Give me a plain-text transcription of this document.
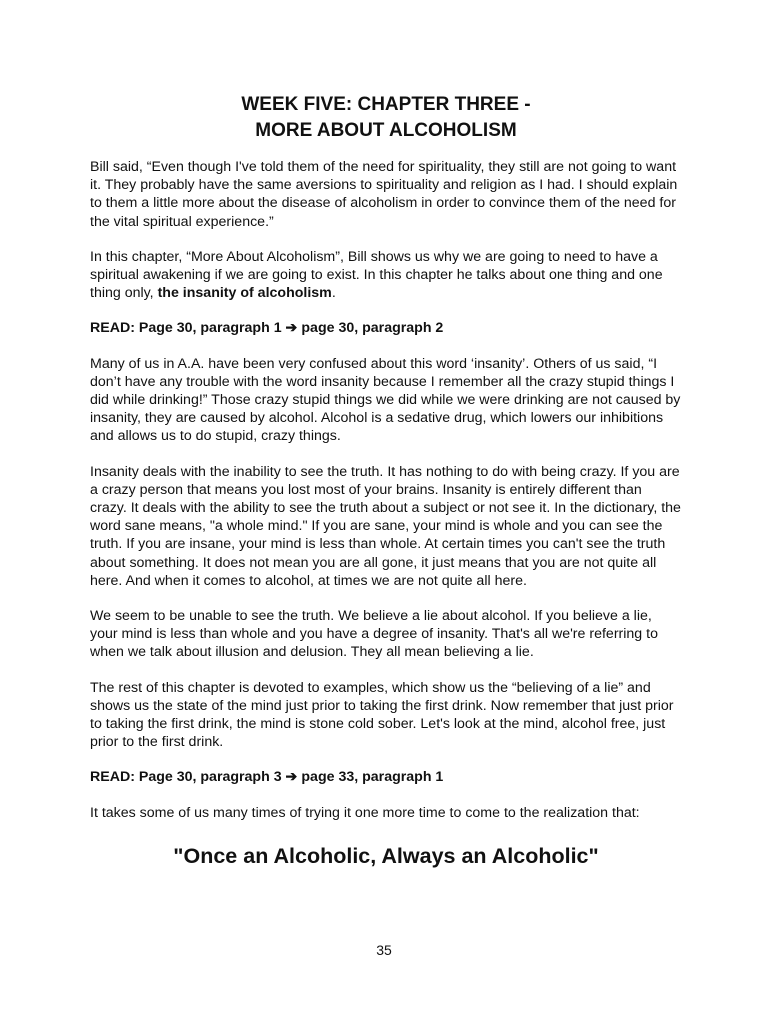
WEEK FIVE: CHAPTER THREE -
MORE ABOUT ALCOHOLISM

Bill said, “Even though I've told them of the need for spirituality, they still are not going to want it. They probably have the same aversions to spirituality and religion as I had. I should explain to them a little more about the disease of alcoholism in order to convince them of the need for the vital spiritual experience.”

In this chapter, “More About Alcoholism”, Bill shows us why we are going to need to have a spiritual awakening if we are going to exist. In this chapter he talks about one thing and one thing only, the insanity of alcoholism.

READ: Page 30, paragraph 1 ➔ page 30, paragraph 2

Many of us in A.A. have been very confused about this word ‘insanity’. Others of us said, “I don’t have any trouble with the word insanity because I remember all the crazy stupid things I did while drinking!” Those crazy stupid things we did while we were drinking are not caused by insanity, they are caused by alcohol. Alcohol is a sedative drug, which lowers our inhibitions and allows us to do stupid, crazy things.

Insanity deals with the inability to see the truth. It has nothing to do with being crazy. If you are a crazy person that means you lost most of your brains. Insanity is entirely different than crazy. It deals with the ability to see the truth about a subject or not see it. In the dictionary, the word sane means, "a whole mind." If you are sane, your mind is whole and you can see the truth. If you are insane, your mind is less than whole. At certain times you can't see the truth about something. It does not mean you are all gone, it just means that you are not quite all here. And when it comes to alcohol, at times we are not quite all here.

We seem to be unable to see the truth. We believe a lie about alcohol. If you believe a lie, your mind is less than whole and you have a degree of insanity. That's all we're referring to when we talk about illusion and delusion. They all mean believing a lie.

The rest of this chapter is devoted to examples, which show us the “believing of a lie” and shows us the state of the mind just prior to taking the first drink. Now remember that just prior to taking the first drink, the mind is stone cold sober. Let's look at the mind, alcohol free, just prior to the first drink.

READ: Page 30, paragraph 3 ➔ page 33, paragraph 1

It takes some of us many times of trying it one more time to come to the realization that:

"Once an Alcoholic, Always an Alcoholic"
35
